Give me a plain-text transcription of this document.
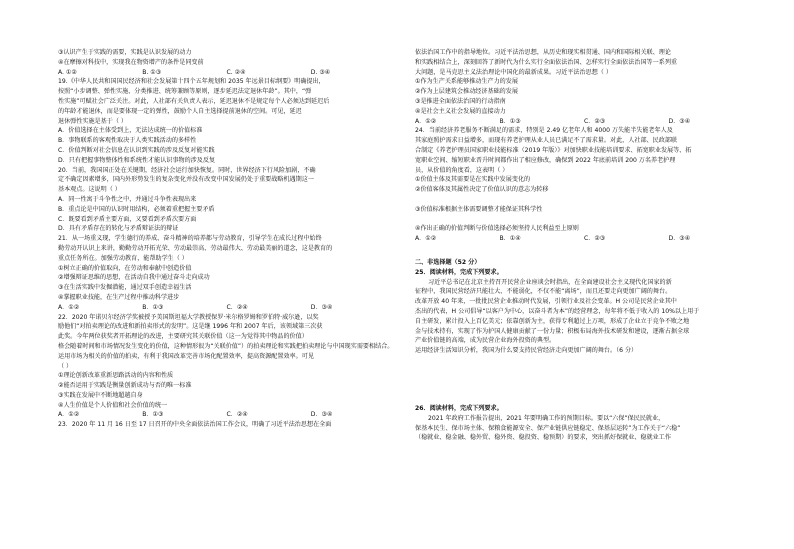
③认识产生于实践的需要，实践是认识发展的动力
④在摩擦对科技中，实现我在物资增产的条件是同变前
A. ①②	B. ①③	C. ②④	D. ③④
19.《中华人民共和国国民经济和社会发展第十四个五年规划和 2035 年远景目标纲要》明确提出，
按照“小步调整、弹性实施、分类推进、统筹兼顾等原则，逐步延迟法定退休年龄”。其中，“弹
性实施”可赋社会广泛关注。对此，人社部有关负责人表示，延迟退休不是规定每个人必须达到延迟后
的年龄才能退休，而是要体现一定的弹性，鼓励个人自主选择提前退休的空间。可见，延迟
退休弹性实施是基于（ ）
A．价值选择在主体受到上，无法达成统一的价值标准
B．事物联系的客观性取决于人类实践活动的多样性
C．价值判断对社会信息在认识到实践的涉及反复对能实践
D．只有把握事物整体性和系统性才能认识事物的涉及反复
20．当前，我国国正处在关键期，经济社会运行加快恢复。同时，世界经济下行风险加剧，不确
定不确定因素增多，国内外形势发生的复杂变化并没有改变中国发展仍处于重要战略机遇期这一
基本观点。这说明（ ）
A．同一性寓于斗争性之中，并通过斗争性表现出来
B．重点论是中国的认识时用结构，必须着重把握主要矛盾
C．既要看到矛盾主要方面，又要看到矛盾次要方面
D．具有矛盾存在的转化与矛盾辩证法的辩证
21．从一场重义现，学生德行的养成、奋斗精神的培养都与劳动教育，引导学生在成长过程中始终
勤劳动开认识上来讲，勤勤劳动开拓光荣、劳动最崇高、劳动最伟大、劳动最美丽的道念，这是教育的
重点任务所在。加强劳动教育，能帮助学生（ ）
①树立正确的价值取向，在劳动和奉献中创造价值
②增强辩证思维的思想，在活动自我中通过奋斗走向成功
③在生活实践中发掘潜能，通过双手创造幸福生活
④掌握职业技能，在生产过程中推动科学进步
A．①②	B．①③	C．②④	D．③④
22．2020 年诺贝尔经济学奖被授予美国斯坦福大学教授保罗·米尔格罗姆和罗伯特·威尔逊，以奖
励他们“对拍卖理论的改进和新拍卖形式的发明”。这是继 1996 年和 2007 年后，该领域第三次获
此奖。今年两位获奖者开拓理论的改进，主要研究其关联价值（这一为觉得其中物品的价值）
格会随着时间和市场情况发生变化的价值，这种情形很为“关联价值”）的拍卖理论和实践把拍卖理论与中国现实需要相结合。
运用市场为相关的价值的拍卖，有利于我国改革完善市场化配置效率，提高资源配置效率。可见
（ ）
①理论创新改革重新思路活动的内容和性质
②能否运用于实践是衡量创新成功与否的唯一标准
③实践在发展中不断地超越自身
④人生价值是个人价值和社会价值的统一
A．①②	B．①③	C．②④	D．③④
23．2020 年 11 月 16 日至 17 日召开的中央全面依法治国工作会议，明确了习近平法治思想在全面
依法治国工作中的指导地位。习近平法治思想，从历史和现实相贯通、国内和国际相关联、理论
和实践相结合上，深刻回答了新时代为什么实行全面依法治国、怎样实行全面依法治国等一系列重
大问题，是马克思主义法治理论中国化的最新成果。习近平法治思想（ ）
①作为生产关系能够推动生产力的发展
②作为上层建筑会推动经济基础的发展
③是推进全面依法治国的行动指南
④是社会主义社会发展的直接动力
A．①②	B．①③	C．②③	D．③④
24．当前经济养老服务不断满足的需求，特别是 2.49 亿老年人和 4000 万失能半失能老年人及
其家庭照护需求日益增多，而现有养老护理从业人员已满足不了需求量。对此，人社部、民政部联
合制定《养老护理员国家职业技能标准（2019 年版）》对加快职业技能培训要求、拓宽职业发展等、拓
宽职业空间、缩短职业晋升时间都作出了相应修改，确保到 2022 年底前培训 200 万名养老护理
员，从价值的角度看，这表明（ ）
①价值主体及其需要是在实践中发展变化的
②价值客体及其属性决定了价值认识的意志为转移
③价值标准根据主体需要调整才能保证其科学性
④作出正确的价值判断与价值选择必须坚持人民利益至上原则
A．①②	B．①④	C．②③	D．③④
二、非选择题（52 分）
25．阅读材料，完成下列要求。
习近平总书记在北京主持召开民营企业座谈会时指出，在全面建设社会主义现代化国家的新
征程中，我国民营经济只能壮大、不能弱化，不仅不能“离场”，而且还要走向更加广阔的舞台。
改革开放 40 年来，一批批民营企业推动时代发展，引领行业及社会变革。H 公司是民营企业其中
杰出的代表，H 公司倡导“以客户为中心，以奋斗者为本”的经营理念，每年将不低于收入的 10%以上用于
自主研发，累计投入上百亿美元；依靠创新为主，获得专利超过上万项，形成了企业立于竞争不败之地
金与技术持有，实现了作为护国人健康贡献了一份力量；积极布局海外技术研发和建设，逐渐占据全球
产业价值链的高端，成为民营企业海外投资的典型。
运用经济生活知识分析，我国为什么要支持民营经济走向更加广阔的舞台。（6 分）
26．阅读材料，完成下列要求。
2021 年政府工作报告提出，2021 年要明确工作的预期目标。要以“六保”保民民就业，
保基本民生、保市场主体、保粮食能源安全、保产业链供应链稳定、保基层运转”为工作关于“六稳”
（稳就业、稳金融、稳外贸、稳外资、稳投资、稳预期）的要求，突出抓好保就业、稳就业工作
